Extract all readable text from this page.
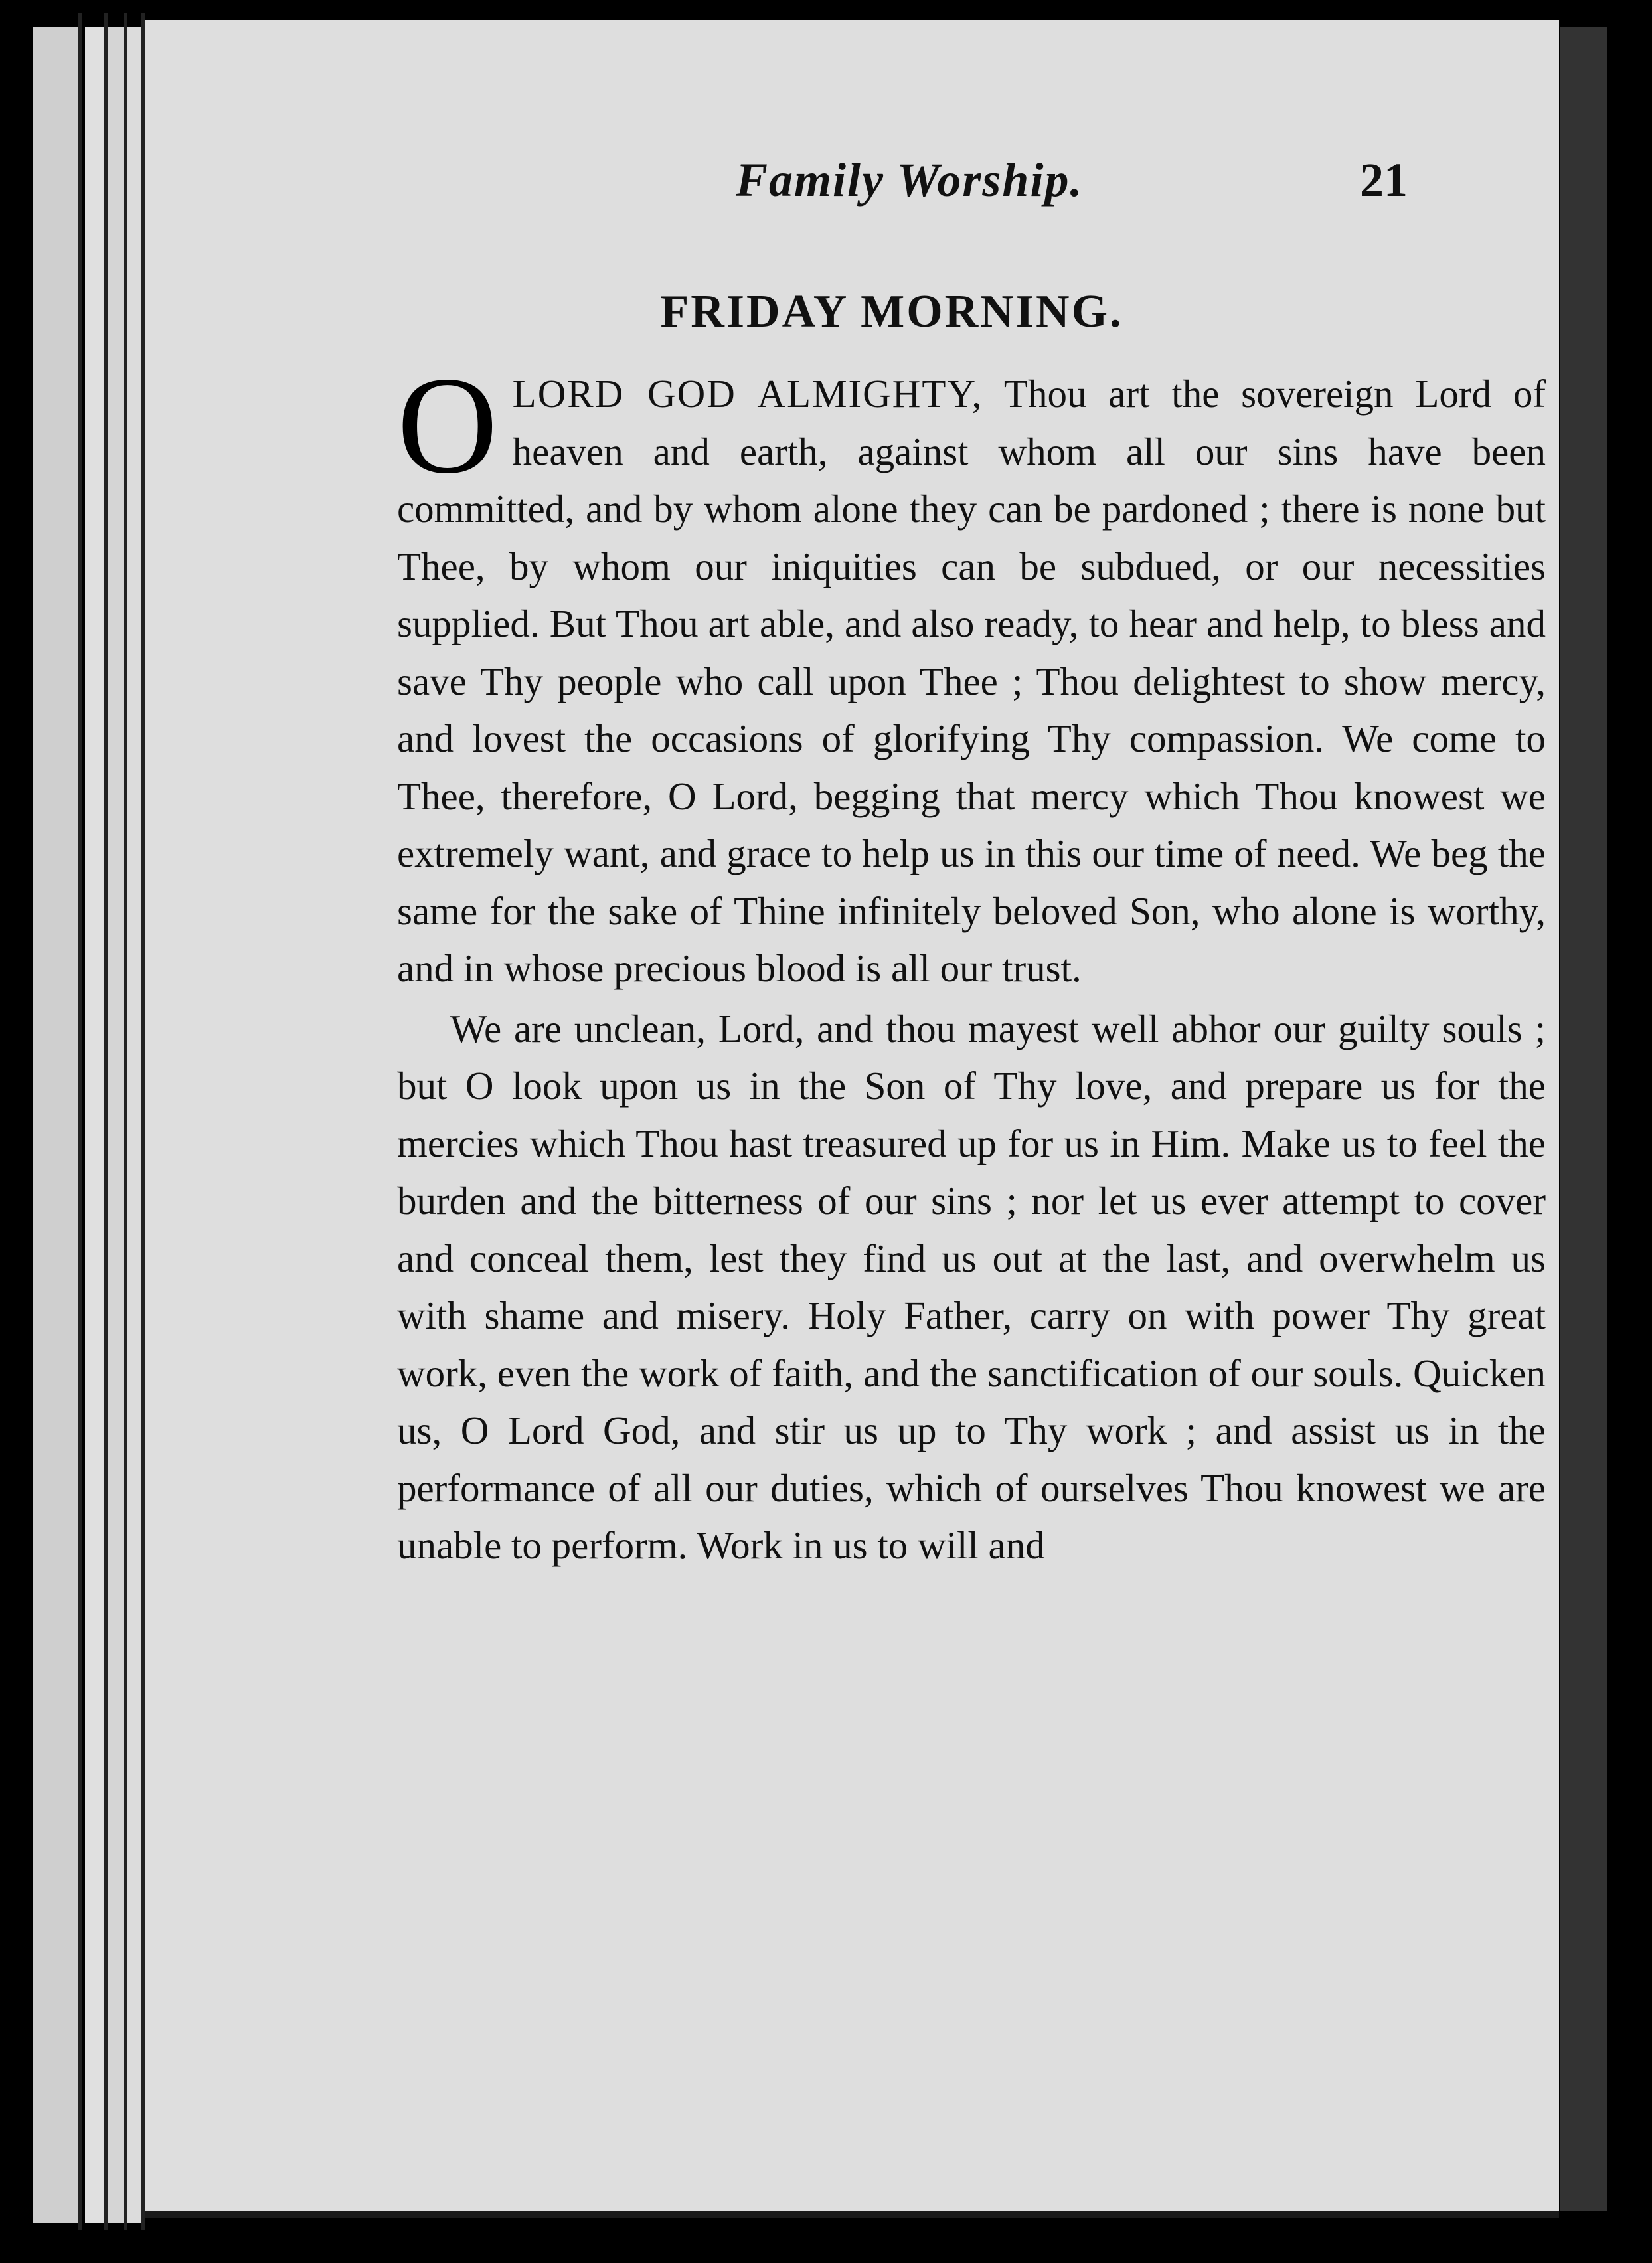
Family Worship.	21
FRIDAY MORNING.

OLORD GOD ALMIGHTY, Thou art the sovereign Lord of heaven and earth, against whom all our sins have been committed, and by whom alone they can be pardoned ; there is none but Thee, by whom our iniquities can be subdued, or our necessities supplied. But Thou art able, and also ready, to hear and help, to bless and save Thy people who call upon Thee ; Thou delightest to show mercy, and lovest the occasions of glorifying Thy compassion. We come to Thee, therefore, O Lord, begging that mercy which Thou knowest we extremely want, and grace to help us in this our time of need. We beg the same for the sake of Thine infinitely beloved Son, who alone is worthy, and in whose precious blood is all our trust.

We are unclean, Lord, and thou mayest well abhor our guilty souls ; but O look upon us in the Son of Thy love, and prepare us for the mercies which Thou hast treasured up for us in Him. Make us to feel the burden and the bitterness of our sins ; nor let us ever attempt to cover and conceal them, lest they find us out at the last, and overwhelm us with shame and misery. Holy Father, carry on with power Thy great work, even the work of faith, and the sanctification of our souls. Quicken us, O Lord God, and stir us up to Thy work ; and assist us in the performance of all our duties, which of ourselves Thou knowest we are unable to perform. Work in us to will and
